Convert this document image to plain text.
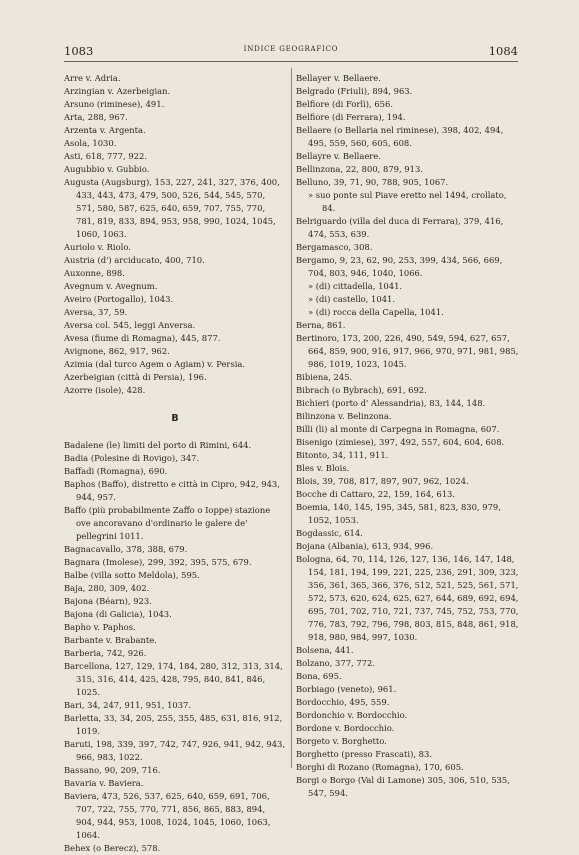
1083	INDICE GEOGRAFICO	1084
Arre v. Adria.
Arzingian v. Azerbeigian.
Arsuno (riminese), 491.
Arta, 288, 967.
Arzenta v. Argenta.
Asola, 1030.
Asti, 618, 777, 922.
Augubbio v. Gubbio.
Augusta (Augsburg), 153, 227, 241, 327, 376, 400, 433, 443, 473, 479, 500, 526, 544, 545, 570, 571, 580, 587, 625, 640, 659, 707, 755, 770, 781, 819, 833, 894, 953, 958, 990, 1024, 1045, 1060, 1063.
Auriolo v. Riolo.
Austria (d') arciducato, 400, 710.
Auxonne, 898.
Avegnum v. Avegnum.
Aveiro (Portogallo), 1043.
Aversa, 37, 59.
Aversa col. 545, leggi Anversa.
Avesa (fiume di Romagna), 445, 877.
Avignone, 862, 917, 962.
Azimia (dal turco Agem o Agiam) v. Persia.
Azerbeigian (città di Persia), 196.
Azorre (isole), 428.
B
Badalene (le) limiti del porto di Rimini, 644.
Badia (Polesine di Rovigo), 347.
Baffadi (Romagna), 690.
Baphos (Baffo), distretto e città in Cipro, 942, 943, 944, 957.
Baffo (più probabilmente Zaffo o Ioppe) stazione ove ancoravano d'ordinario le galere de' pellegrini 1011.
Bagnacavallo, 378, 388, 679.
Bagnara (Imolese), 299, 392, 395, 575, 679.
Balbe (villa sotto Meldola), 595.
Baja, 280, 309, 402.
Bajona (Béarn), 923.
Bajona (di Galicia), 1043.
Bapho v. Paphos.
Barbante v. Brabante.
Barberia, 742, 926.
Barcellona, 127, 129, 174, 184, 280, 312, 313, 314, 315, 316, 414, 425, 428, 795, 840, 841, 846, 1025.
Bari, 34, 247, 911, 951, 1037.
Barletta, 33, 34, 205, 255, 355, 485, 631, 816, 912, 1019.
Baruti, 198, 339, 397, 742, 747, 926, 941, 942, 943, 966, 983, 1022.
Bassano, 90, 209, 716.
Bavaria v. Baviera.
Baviera, 473, 526, 537, 625, 640, 659, 691, 706, 707, 722, 755, 770, 771, 856, 865, 883, 894, 904, 944, 953, 1008, 1024, 1045, 1060, 1063, 1064.
Behex (o Berecz), 578.
Bellayer v. Bellaere.
Belgrado (Friuli), 894, 963.
Belfiore (di Forlì), 656.
Belfiore (di Ferrara), 194.
Bellaere (o Bellaria nel riminese), 398, 402, 494, 495, 559, 560, 605, 608.
Bellayre v. Bellaere.
Bellinzona, 22, 800, 879, 913.
Belluno, 39, 71, 90, 788, 905, 1067.
» suo ponte sul Piave eretto nel 1494, crollato, 84.
Belriguardo (villa del duca di Ferrara), 379, 416, 474, 553, 639.
Bergamasco, 308.
Bergamo, 9, 23, 62, 90, 253, 399, 434, 566, 669, 704, 803, 946, 1040, 1066.
» (di) cittadella, 1041.
» (di) castello, 1041.
» (di) rocca della Capella, 1041.
Berna, 861.
Bertinoro, 173, 200, 226, 490, 549, 594, 627, 657, 664, 859, 900, 916, 917, 966, 970, 971, 981, 985, 986, 1019, 1023, 1045.
Bibiena, 245.
Bibrach (o Bybrach), 691, 692.
Bichieri (porto d' Alessandria), 83, 144, 148.
Bilinzona v. Belinzona.
Billi (li) al monte di Carpegna in Romagna, 607.
Bisenigo (zimiese), 397, 492, 557, 604, 604, 608.
Bitonto, 34, 111, 911.
Bles v. Blois.
Blois, 39, 708, 817, 897, 907, 962, 1024.
Bocche di Cattaro, 22, 159, 164, 613.
Boemia, 140, 145, 195, 345, 581, 823, 830, 979, 1052, 1053.
Bogdassic, 614.
Bojana (Albania), 613, 934, 996.
Bologna, 64, 70, 114, 126, 127, 136, 146, 147, 148, 154, 181, 194, 199, 221, 225, 236, 291, 309, 323, 356, 361, 365, 366, 376, 512, 521, 525, 561, 571, 572, 573, 620, 624, 625, 627, 644, 689, 692, 694, 695, 701, 702, 710, 721, 737, 745, 752, 753, 770, 776, 783, 792, 796, 798, 803, 815, 848, 861, 918, 918, 980, 984, 997, 1030.
Bolsena, 441.
Bolzano, 377, 772.
Bona, 695.
Borbiago (veneto), 961.
Bordocchio, 495, 559.
Bordonchio v. Bordocchio.
Bordone v. Bordocchio.
Borgeto v. Borghetto.
Borghetto (presso Frascati), 83.
Borghi di Rozano (Romagna), 170, 605.
Borgi o Borgo (Val di Lamone) 305, 306, 510, 535, 547, 594.
